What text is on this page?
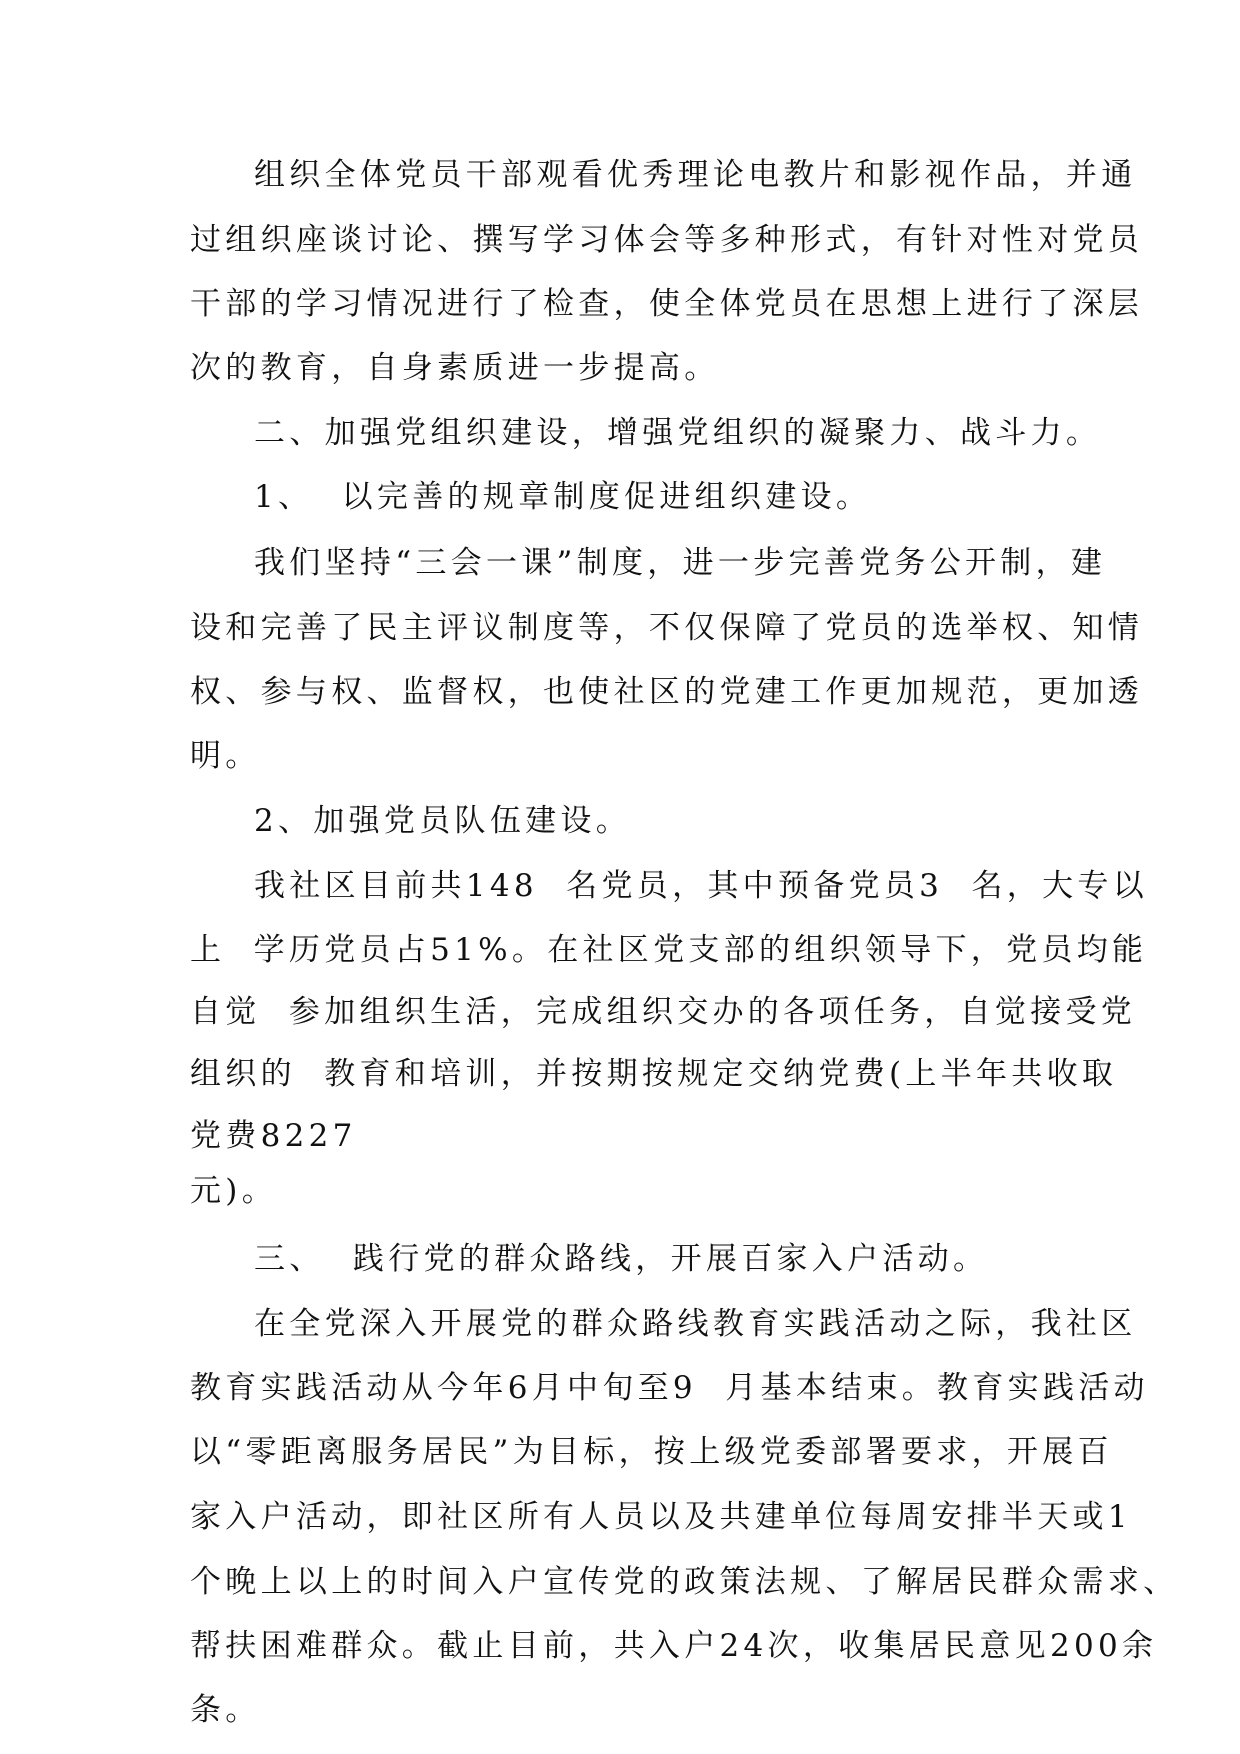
组织全体党员干部观看优秀理论电教片和影视作品，并通
过组织座谈讨论、撰写学习体会等多种形式，有针对性对党员
干部的学习情况进行了检查，使全体党员在思想上进行了深层
次的教育，自身素质进一步提高。
二、加强党组织建设，增强党组织的凝聚力、战斗力。
1、  以完善的规章制度促进组织建设。
我们坚持“三会一课”制度，进一步完善党务公开制，建
设和完善了民主评议制度等，不仅保障了党员的选举权、知情
权、参与权、监督权，也使社区的党建工作更加规范，更加透
明。
2、加强党员队伍建设。
我社区目前共148  名党员，其中预备党员3  名，大专以
上  学历党员占51%。在社区党支部的组织领导下，党员均能
自觉  参加组织生活，完成组织交办的各项任务，自觉接受党
组织的  教育和培训，并按期按规定交纳党费(上半年共收取
党费8227
元)。
三、  践行党的群众路线，开展百家入户活动。
在全党深入开展党的群众路线教育实践活动之际，我社区
教育实践活动从今年6月中旬至9  月基本结束。教育实践活动
以“零距离服务居民”为目标，按上级党委部署要求，开展百
家入户活动，即社区所有人员以及共建单位每周安排半天或1
个晚上以上的时间入户宣传党的政策法规、了解居民群众需求、
帮扶困难群众。截止目前，共入户24次，收集居民意见200余
条。
